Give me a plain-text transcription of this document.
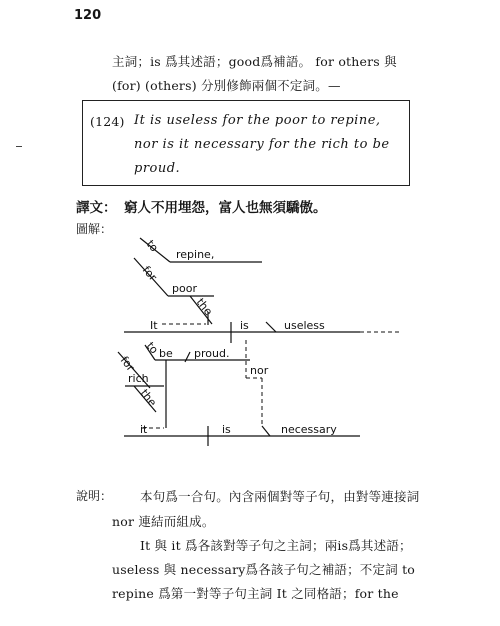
120
主詞；is 爲其述語；good爲補語。 for others 與
(for) (others) 分別修飾兩個不定詞。—
(124) It is useless for the poor to repine,
nor is it necessary for the rich to be
proud.
譯文： 窮人不用埋怨，富人也無須驕傲。
圖解：
to
repine,
for
poor
the
It	is	useless
to
be proud.
for	nor
rich
the
it	is	necessary
說明： 本句爲一合句。內含兩個對等子句，由對等連接詞
nor 連結而組成。
It 與 it 爲各該對等子句之主詞；兩is爲其述語；
useless 與 necessary爲各該子句之補語；不定詞 to
repine 爲第一對等子句主詞 It 之同格語；for the
